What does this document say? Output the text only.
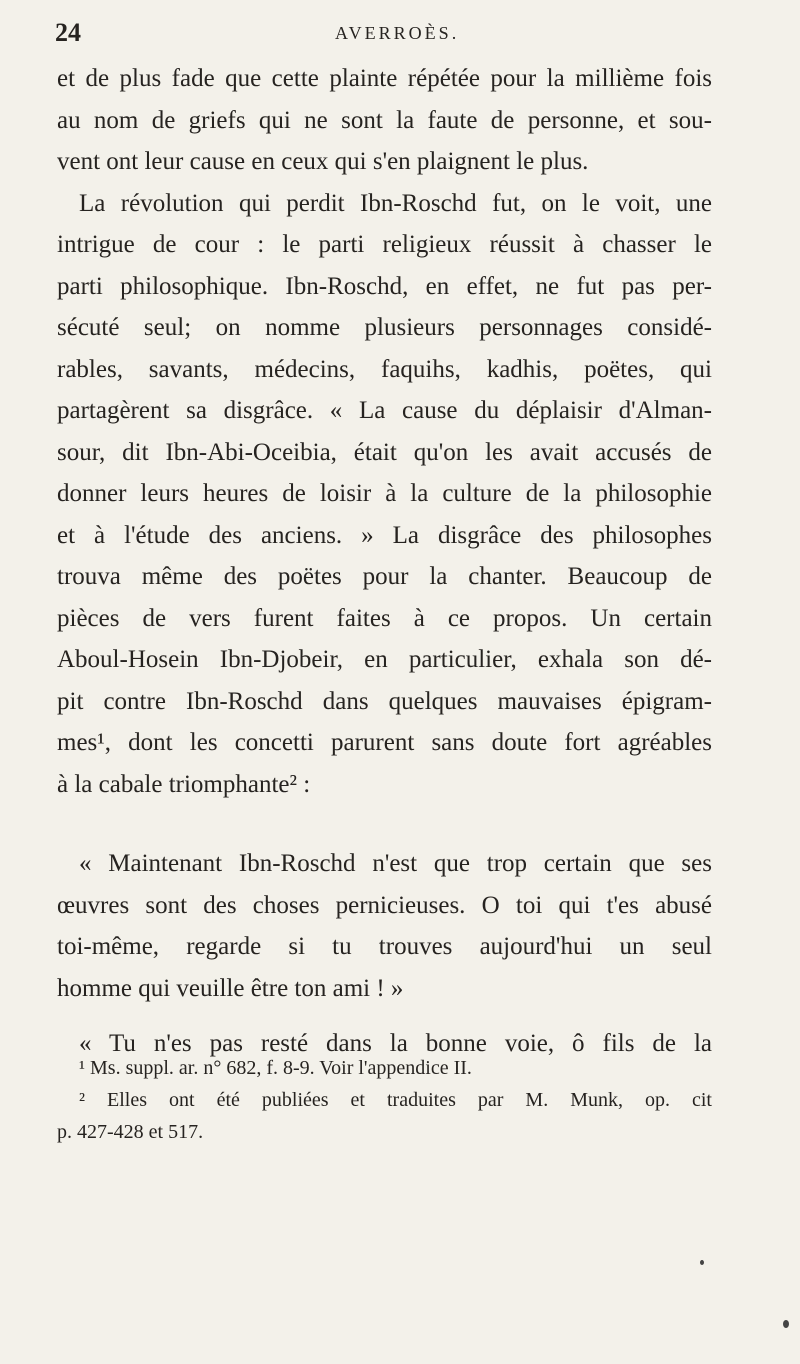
24	AVERROÈS.
et de plus fade que cette plainte répétée pour la millième fois
au nom de griefs qui ne sont la faute de personne, et sou-
vent ont leur cause en ceux qui s'en plaignent le plus.
La révolution qui perdit Ibn-Roschd fut, on le voit, une
intrigue de cour : le parti religieux réussit à chasser le
parti philosophique. Ibn-Roschd, en effet, ne fut pas per-
sécuté seul; on nomme plusieurs personnages considé-
rables, savants, médecins, faquihs, kadhis, poëtes, qui
partagèrent sa disgrâce. « La cause du déplaisir d'Alman-
sour, dit Ibn-Abi-Oceibia, était qu'on les avait accusés de
donner leurs heures de loisir à la culture de la philosophie
et à l'étude des anciens. » La disgrâce des philosophes
trouva même des poëtes pour la chanter. Beaucoup de
pièces de vers furent faites à ce propos. Un certain
Aboul-Hosein Ibn-Djobeir, en particulier, exhala son dé-
pit contre Ibn-Roschd dans quelques mauvaises épigram-
mes¹, dont les concetti parurent sans doute fort agréables
à la cabale triomphante² :
« Maintenant Ibn-Roschd n'est que trop certain que ses
œuvres sont des choses pernicieuses. O toi qui t'es abusé
toi-même, regarde si tu trouves aujourd'hui un seul
homme qui veuille être ton ami ! »
« Tu n'es pas resté dans la bonne voie, ô fils de la
¹ Ms. suppl. ar. n° 682, f. 8-9. Voir l'appendice II.
² Elles ont été publiées et traduites par M. Munk, op. cit
p. 427-428 et 517.
